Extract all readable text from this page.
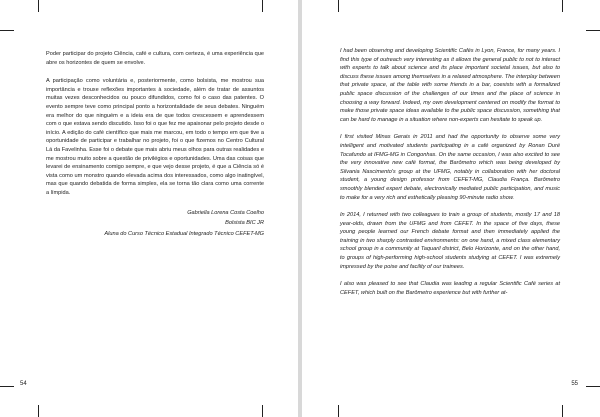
Poder participar do projeto Ciência, café e cultura, com certeza, é uma experiência que abre os horizontes de quem se envolve.

A participação como voluntária e, posteriormente, como bolsista, me mostrou sua importância e trouxe reflexões importantes à sociedade, além de tratar de assuntos muitas vezes desconhecidos ou pouco difundidos, como foi o caso das patentes. O evento sempre teve como principal ponto a horizontalidade de seus debates. Ninguém era melhor do que ninguém e a ideia era de que todos crescessem e aprendessem com o que estava sendo discutido. Isso foi o que fez me apaixonar pelo projeto desde o início. A edição do café científico que mais me marcou, em todo o tempo em que tive a oportunidade de participar e trabalhar no projeto, foi o que fizemos no Centro Cultural Lá da Favelinha. Esse foi o debate que mais abriu meus olhos para outras realidades e me mostrou muito sobre a questão de privilégios e oportunidades. Uma das coisas que levarei de ensinamento comigo sempre, e que vejo desse projeto, é que a Ciência só é vista como um monstro quando elevada acima dos interessados, como algo inatingível, mas que quando debatida de forma simples, ela se torna tão clara como uma corrente a límpida.

Gabriella Lorena Costa Coelho

Bolsista BIC JR

Aluna do Curso Técnico Estadual Integrado Técnico CEFET-MG

54

I had been observing and developing Scientific Cafés in Lyon, France, for many years. I find this type of outreach very interesting as it allows the general public to not to interact with experts to talk about science and its place important societal issues, but also to discuss these issues among themselves in a relaxed atmosphere. The interplay between that private space, at the table with some friends in a bar, coexists with a formalized public space discussion of the challenges of our times and the place of science in choosing a way forward. Indeed, my own development centered on modify the format to make those private space ideas available to the public space discussion, something that can be hard to manage in a situation where non-experts can hesitate to speak up.

I first visited Minas Gerais in 2011 and had the opportunity to observe some very intelligent and motivated students participating in a café organized by Ronan Duré Tocafundo at IFMG-MG in Congonhas. On the same occasion, I was also excited to see the very innovative new café format, the Barômetro which was being developed by Silvania Nascimento's group at the UFMG, notably in collaboration with her doctoral student, a young design professor from CEFET-MG, Claudia França. Barômetro smoothly blended expert debate, electronically mediated public participation, and music to make for a very rich and esthetically pleasing 90-minute radio show.

In 2014, I returned with two colleagues to train a group of students, mostly 17 and 18 year-olds, drawn from the UFMG and from CEFET. In the space of five days, these young people learned our French debate format and then immediately applied the training in two sharply contrasted environments: on one hand, a mixed class elementary school group in a community at Taquaril district, Belo Horizonte, and on the other hand, to groups of high-performing high-school students studying at CEFET. I was extremely impressed by the poise and facility of our trainees.

I also was pleased to see that Claudia was leading a regular Scientific Café series at CEFET, which built on the Barômetro experience but with further at-

55
